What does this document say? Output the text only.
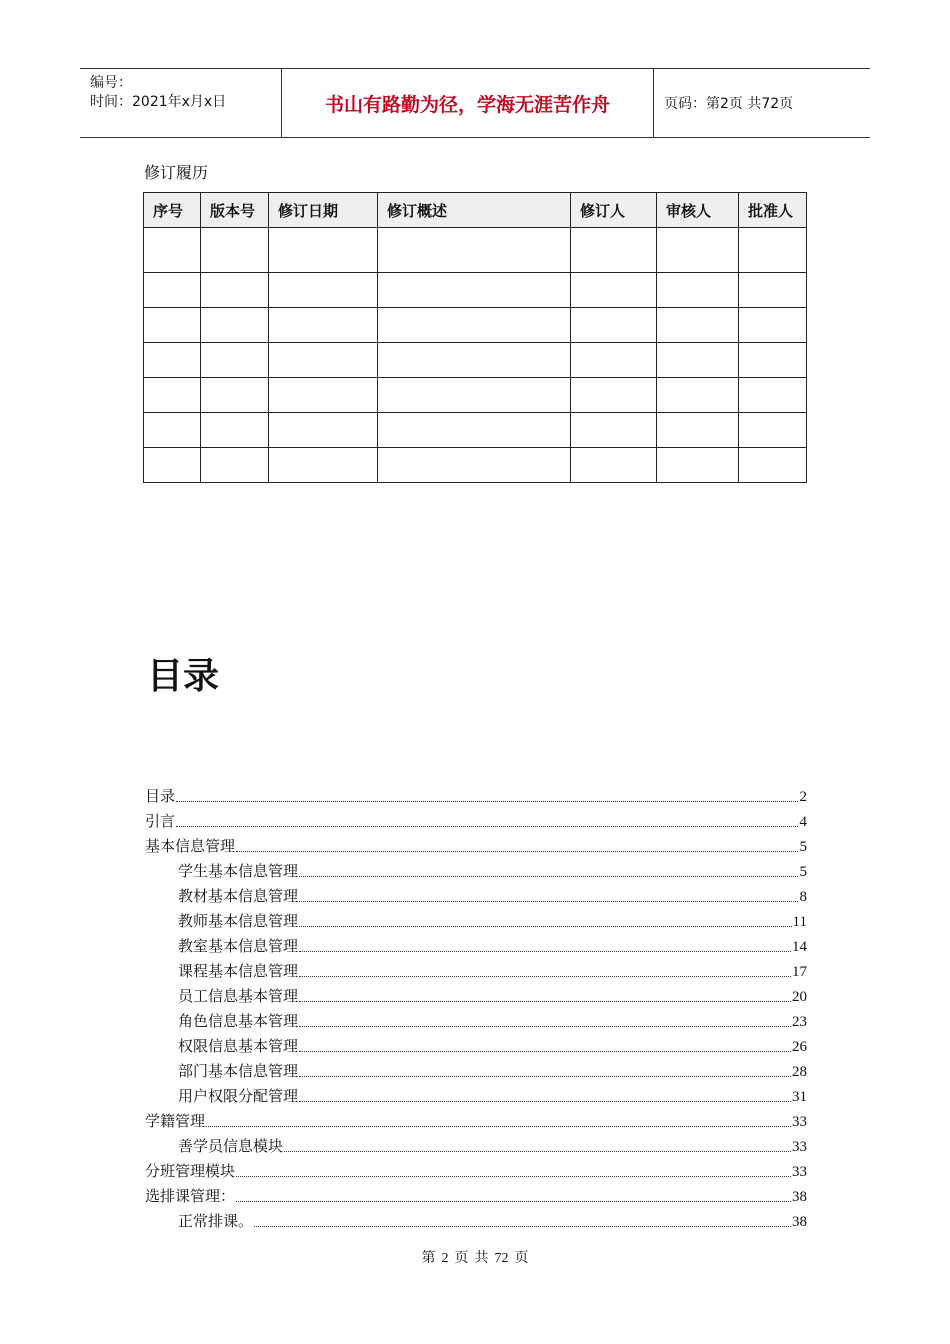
编号：
时间：2021年x月x日	书山有路勤为径，学海无涯苦作舟	页码：第2页 共72页
修订履历
序号	版本号	修订日期	修订概述	修订人	审核人	批准人

目录
目录	2
引言	4
基本信息管理	5
学生基本信息管理	5
教材基本信息管理	8
教师基本信息管理	11
教室基本信息管理	14
课程基本信息管理	17
员工信息基本管理	20
角色信息基本管理	23
权限信息基本管理	26
部门基本信息管理	28
用户权限分配管理	31
学籍管理	33
善学员信息模块	33
分班管理模块	33
选排课管理：	38
正常排课。	38
第 2 页 共 72 页
